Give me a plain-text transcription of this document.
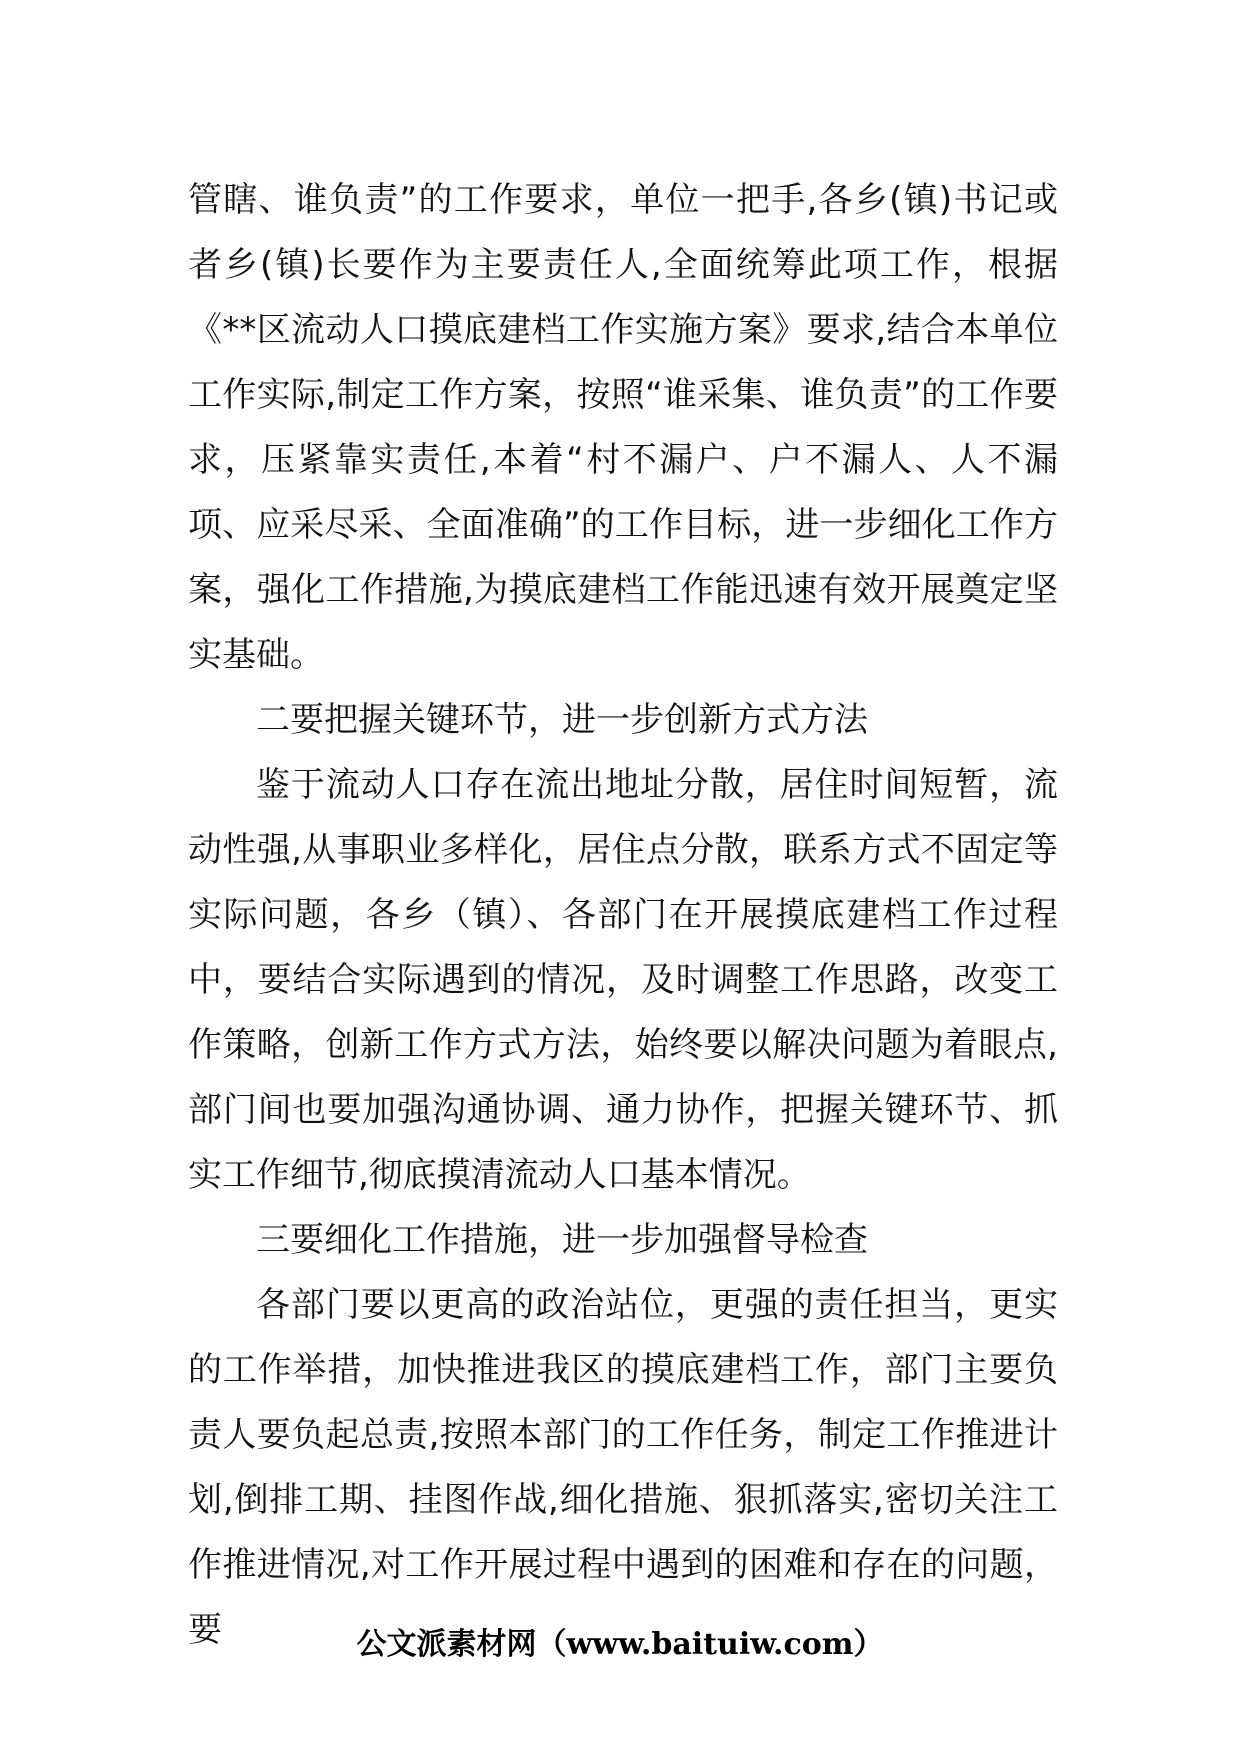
管瞎、谁负责”的工作要求，单位一把手,各乡(镇)书记或者乡(镇)长要作为主要责任人,全面统筹此项工作，根据《**区流动人口摸底建档工作实施方案》要求,结合本单位工作实际,制定工作方案，按照“谁采集、谁负责”的工作要求，压紧靠实责任,本着“村不漏户、户不漏人、人不漏项、应采尽采、全面准确”的工作目标，进一步细化工作方案，强化工作措施,为摸底建档工作能迅速有效开展奠定坚实基础。

二要把握关键环节，进一步创新方式方法

鉴于流动人口存在流出地址分散，居住时间短暂，流动性强,从事职业多样化，居住点分散，联系方式不固定等实际问题，各乡（镇）、各部门在开展摸底建档工作过程中，要结合实际遇到的情况，及时调整工作思路，改变工作策略，创新工作方式方法，始终要以解决问题为着眼点,部门间也要加强沟通协调、通力协作，把握关键环节、抓实工作细节,彻底摸清流动人口基本情况。

三要细化工作措施，进一步加强督导检查

各部门要以更高的政治站位，更强的责任担当，更实的工作举措，加快推进我区的摸底建档工作，部门主要负责人要负起总责,按照本部门的工作任务，制定工作推进计划,倒排工期、挂图作战,细化措施、狠抓落实,密切关注工作推进情况,对工作开展过程中遇到的困难和存在的问题，要	公文派素材网（www.baituiw.com）
